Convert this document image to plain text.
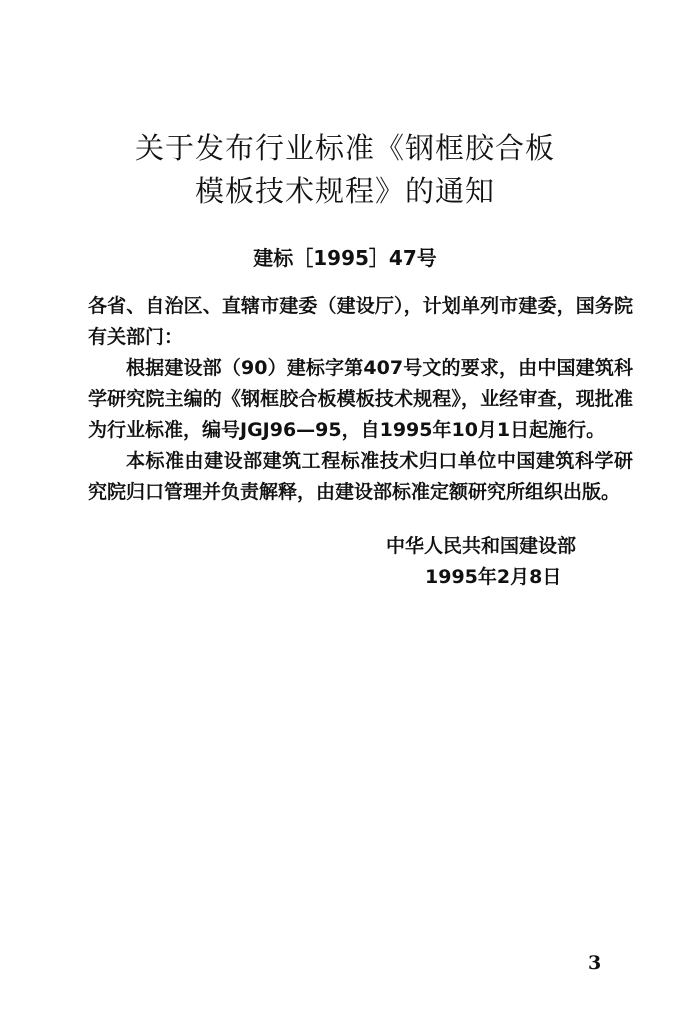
关于发布行业标准《钢框胶合板
模板技术规程》的通知
建标［1995］47号
各省、自治区、直辖市建委（建设厅），计划单列市建委，国务院有关部门：
根据建设部（90）建标字第407号文的要求，由中国建筑科学研究院主编的《钢框胶合板模板技术规程》，业经审查，现批准为行业标准，编号JGJ96—95，自1995年10月1日起施行。
本标准由建设部建筑工程标准技术归口单位中国建筑科学研究院归口管理并负责解释，由建设部标准定额研究所组织出版。
中华人民共和国建设部
1995年2月8日
3
